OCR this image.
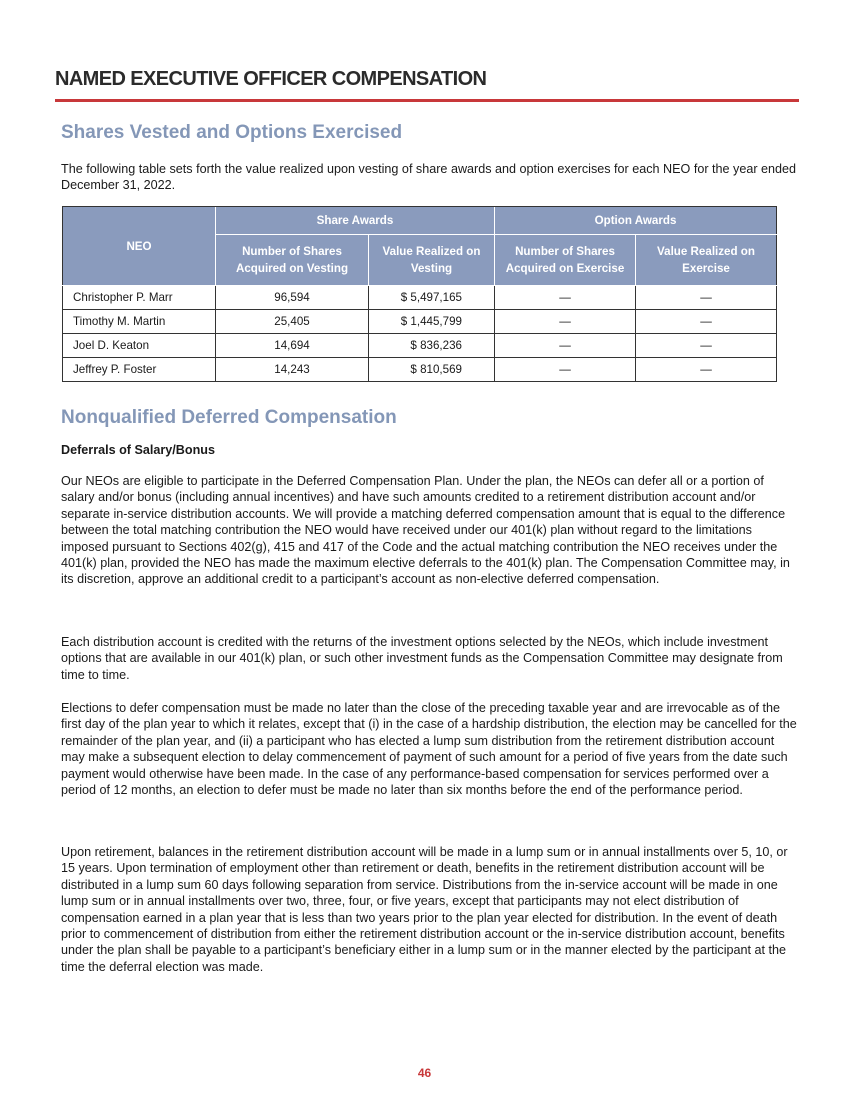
NAMED EXECUTIVE OFFICER COMPENSATION
Shares Vested and Options Exercised

The following table sets forth the value realized upon vesting of share awards and option exercises for each NEO for the year ended December 31, 2022.

NEO	Share Awards		Option Awards	
	Number of Shares Acquired on Vesting	Value Realized on Vesting	Number of Shares Acquired on Exercise	Value Realized on Exercise
Christopher P. Marr	96,594	$ 5,497,165	—	—
Timothy M. Martin	25,405	$ 1,445,799	—	—
Joel D. Keaton	14,694	$ 836,236	—	—
Jeffrey P. Foster	14,243	$ 810,569	—	—
Nonqualified Deferred Compensation
Deferrals of Salary/Bonus

Our NEOs are eligible to participate in the Deferred Compensation Plan. Under the plan, the NEOs can defer all or a portion of salary and/or bonus (including annual incentives) and have such amounts credited to a retirement distribution account and/or separate in-service distribution accounts. We will provide a matching deferred compensation amount that is equal to the difference between the total matching contribution the NEO would have received under our 401(k) plan without regard to the limitations imposed pursuant to Sections 402(g), 415 and 417 of the Code and the actual matching contribution the NEO receives under the 401(k) plan, provided the NEO has made the maximum elective deferrals to the 401(k) plan. The Compensation Committee may, in its discretion, approve an additional credit to a participant’s account as non-elective deferred compensation.

Each distribution account is credited with the returns of the investment options selected by the NEOs, which include investment options that are available in our 401(k) plan, or such other investment funds as the Compensation Committee may designate from time to time.

Elections to defer compensation must be made no later than the close of the preceding taxable year and are irrevocable as of the first day of the plan year to which it relates, except that (i) in the case of a hardship distribution, the election may be cancelled for the remainder of the plan year, and (ii) a participant who has elected a lump sum distribution from the retirement distribution account may make a subsequent election to delay commencement of payment of such amount for a period of five years from the date such payment would otherwise have been made. In the case of any performance-based compensation for services performed over a period of 12 months, an election to defer must be made no later than six months before the end of the performance period.

Upon retirement, balances in the retirement distribution account will be made in a lump sum or in annual installments over 5, 10, or 15 years. Upon termination of employment other than retirement or death, benefits in the retirement distribution account will be distributed in a lump sum 60 days following separation from service. Distributions from the in-service account will be made in one lump sum or in annual installments over two, three, four, or five years, except that participants may not elect distribution of compensation earned in a plan year that is less than two years prior to the plan year elected for distribution. In the event of death prior to commencement of distribution from either the retirement distribution account or the in-service distribution account, benefits under the plan shall be payable to a participant’s beneficiary either in a lump sum or in the manner elected by the participant at the time the deferral election was made.

46
